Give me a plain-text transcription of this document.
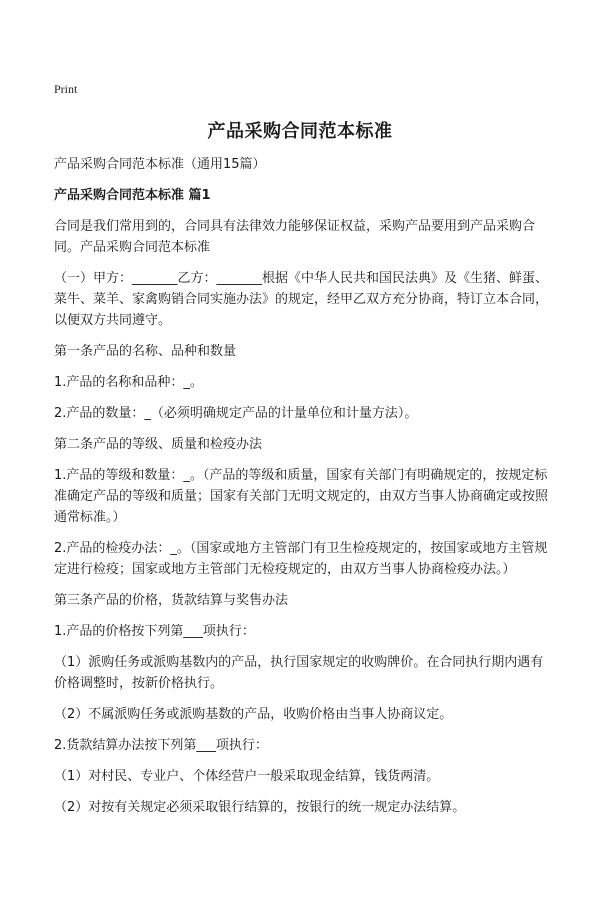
Print
产品采购合同范本标准

产品采购合同范本标准（通用15篇）

产品采购合同范本标准 篇1

合同是我们常用到的，合同具有法律效力能够保证权益，采购产品要用到产品采购合同。产品采购合同范本标准

（一）甲方：_______乙方：_______根据《中华人民共和国民法典》及《生猪、鲜蛋、菜牛、菜羊、家禽购销合同实施办法》的规定，经甲乙双方充分协商，特订立本合同，以便双方共同遵守。

第一条产品的名称、品种和数量

1.产品的名称和品种：_。

2.产品的数量：_（必须明确规定产品的计量单位和计量方法）。

第二条产品的等级、质量和检疫办法

1.产品的等级和数量：_。（产品的等级和质量，国家有关部门有明确规定的，按规定标准确定产品的等级和质量；国家有关部门无明文规定的，由双方当事人协商确定或按照通常标准。）

2.产品的检疫办法：_。（国家或地方主管部门有卫生检疫规定的，按国家或地方主管规定进行检疫；国家或地方主管部门无检疫规定的，由双方当事人协商检疫办法。）

第三条产品的价格，货款结算与奖售办法

1.产品的价格按下列第___项执行：

（1）派购任务或派购基数内的产品，执行国家规定的收购牌价。在合同执行期内遇有价格调整时，按新价格执行。

（2）不属派购任务或派购基数的产品，收购价格由当事人协商议定。

2.货款结算办法按下列第___项执行：

（1）对村民、专业户、个体经营户一般采取现金结算，钱货两清。

（2）对按有关规定必须采取银行结算的，按银行的统一规定办法结算。
